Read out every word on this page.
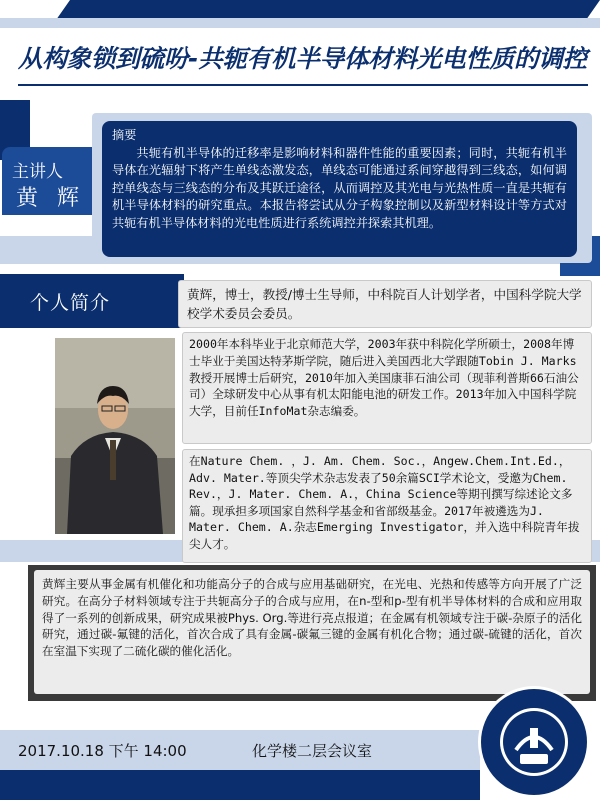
从构象锁到硫吩-共轭有机半导体材料光电性质的调控
摘要
共轭有机半导体的迁移率是影响材料和器件性能的重要因素；同时，共轭有机半导体在光辐射下将产生单线态激发态，单线态可能通过系间穿越得到三线态，如何调控单线态与三线态的分布及其跃迁途径，从而调控及其光电与光热性质一直是共轭有机半导体材料的研究重点。本报告将尝试从分子构象控制以及新型材料设计等方式对共轭有机半导体材料的光电性质进行系统调控并探索其机理。
主讲人
黄 辉
个人简介	黄辉，博士，教授/博士生导师，中科院百人计划学者，中国科学院大学校学术委员会委员。
2000年本科毕业于北京师范大学，2003年获中科院化学所硕士，2008年博士毕业于美国达特茅斯学院，随后进入美国西北大学跟随Tobin J. Marks教授开展博士后研究，2010年加入美国康菲石油公司（现菲利普斯66石油公司）全球研发中心从事有机太阳能电池的研发工作。2013年加入中国科学院大学，目前任InfoMat杂志编委。
在Nature Chem. ，J. Am. Chem. Soc.，Angew.Chem.Int.Ed.，Adv. Mater.等顶尖学术杂志发表了50余篇SCI学术论文，受邀为Chem. Rev.，J. Mater. Chem. A.，China Science等期刊撰写综述论文多篇。现承担多项国家自然科学基金和省部级基金。2017年被遴选为J. Mater. Chem. A.杂志Emerging Investigator，并入选中科院青年拔尖人才。
黄辉主要从事金属有机催化和功能高分子的合成与应用基础研究，在光电、光热和传感等方向开展了广泛研究。在高分子材料领域专注于共轭高分子的合成与应用，在n-型和p-型有机半导体材料的合成和应用取得了一系列的创新成果，研究成果被Phys. Org.等进行亮点报道；在金属有机领域专注于碳-杂原子的活化研究，通过碳-氟键的活化，首次合成了具有金属-碳氟三键的金属有机化合物；通过碳-硫键的活化，首次在室温下实现了二硫化碳的催化活化。
2017.10.18 下午 14:00	化学楼二层会议室
